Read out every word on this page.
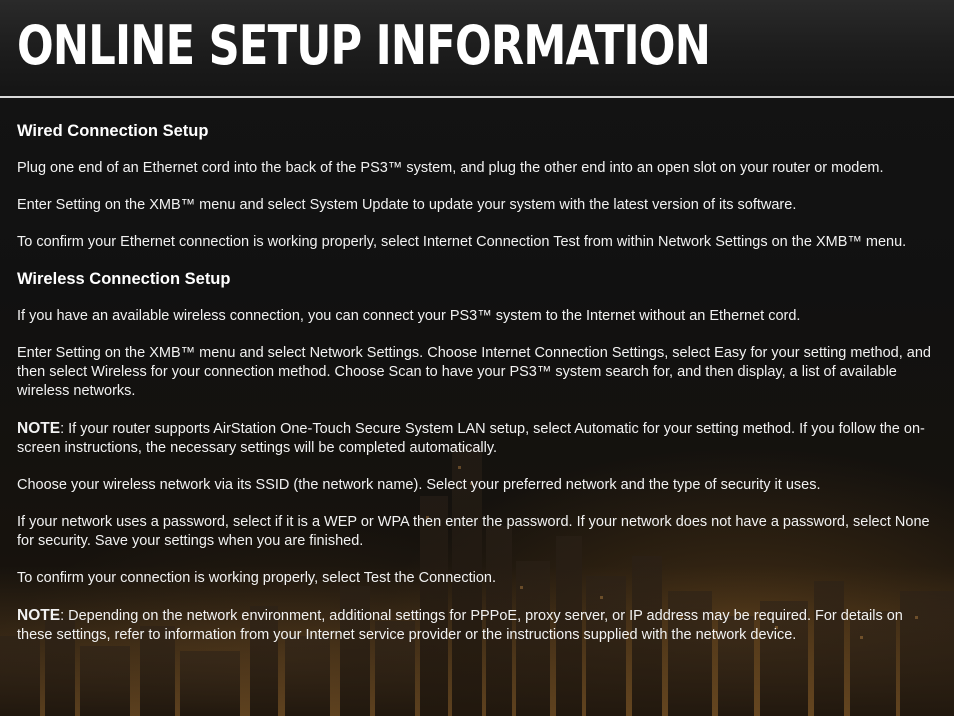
ONLINE SETUP INFORMATION
Wired Connection Setup

Plug one end of an Ethernet cord into the back of the PS3™ system, and plug the other end into an open slot on your router or modem.

Enter Setting on the XMB™ menu and select System Update to update your system with the latest version of its software.

To confirm your Ethernet connection is working properly, select Internet Connection Test from within Network Settings on the XMB™ menu.

Wireless Connection Setup

If you have an available wireless connection, you can connect your PS3™ system to the Internet without an Ethernet cord.

Enter Setting on the XMB™ menu and select Network Settings. Choose Internet Connection Settings, select Easy for your setting method, and then select Wireless for your connection method. Choose Scan to have your PS3™ system search for, and then display, a list of available wireless networks.

NOTE: If your router supports AirStation One-Touch Secure System LAN setup, select Automatic for your setting method. If you follow the on-screen instructions, the necessary settings will be completed automatically.

Choose your wireless network via its SSID (the network name). Select your preferred network and the type of security it uses.

If your network uses a password, select if it is a WEP or WPA then enter the password. If your network does not have a password, select None for security. Save your settings when you are finished.

To confirm your connection is working properly, select Test the Connection.

NOTE: Depending on the network environment, additional settings for PPPoE, proxy server, or IP address may be required. For details on these settings, refer to information from your Internet service provider or the instructions supplied with the network device.
